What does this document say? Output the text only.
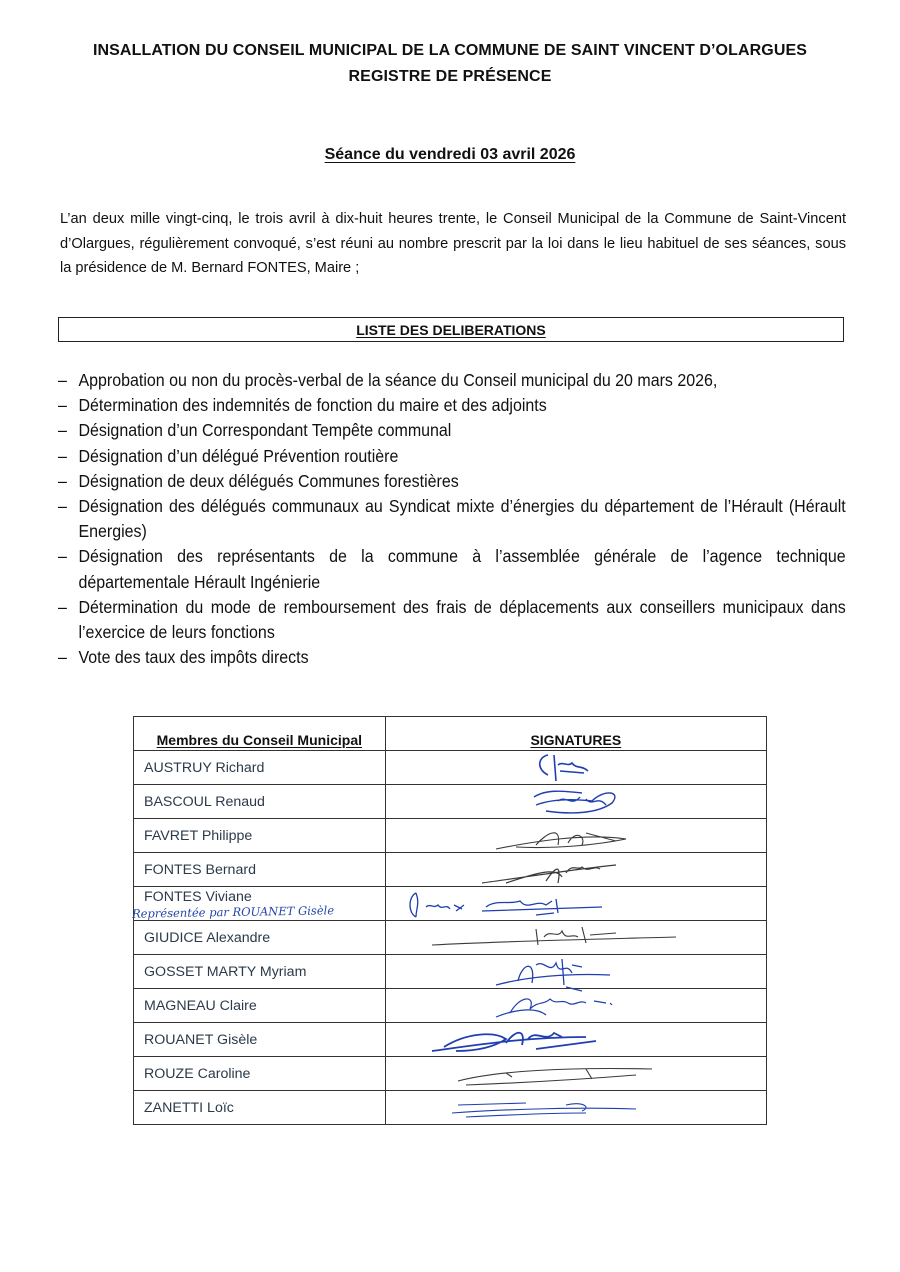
INSALLATION DU CONSEIL MUNICIPAL DE LA COMMUNE DE SAINT VINCENT D’OLARGUES
REGISTRE DE PRÉSENCE
Séance du vendredi 03 avril 2026

L’an deux mille vingt-cinq, le trois avril à dix-huit heures trente, le Conseil Municipal de la Commune de Saint-Vincent d’Olargues, régulièrement convoqué, s’est réuni au nombre prescrit par la loi dans le lieu habituel de ses séances, sous la présidence de M. Bernard FONTES, Maire ;

LISTE DES DELIBERATIONS
– Approbation ou non du procès-verbal de la séance du Conseil municipal du 20 mars 2026,
– Détermination des indemnités de fonction du maire et des adjoints
– Désignation d’un Correspondant Tempête communal
– Désignation d’un délégué Prévention routière
– Désignation de deux délégués Communes forestières
– Désignation des délégués communaux au Syndicat mixte d’énergies du département de l’Hérault (Hérault Energies)
– Désignation des représentants de la commune à l’assemblée générale de l’agence technique départementale Hérault Ingénierie
– Détermination du mode de remboursement des frais de déplacements aux conseillers municipaux dans l’exercice de leurs fonctions
– Vote des taux des impôts directs
Membres du Conseil Municipal	SIGNATURES
AUSTRUY Richard	

BASCOUL Renaud	

FAVRET Philippe	

FONTES Bernard	

FONTES Viviane
Représentée par ROUANET Gisèle

GIUDICE Alexandre	

GOSSET MARTY Myriam	

MAGNEAU Claire	

ROUANET Gisèle	

ROUZE Caroline	

ZANETTI Loïc	
